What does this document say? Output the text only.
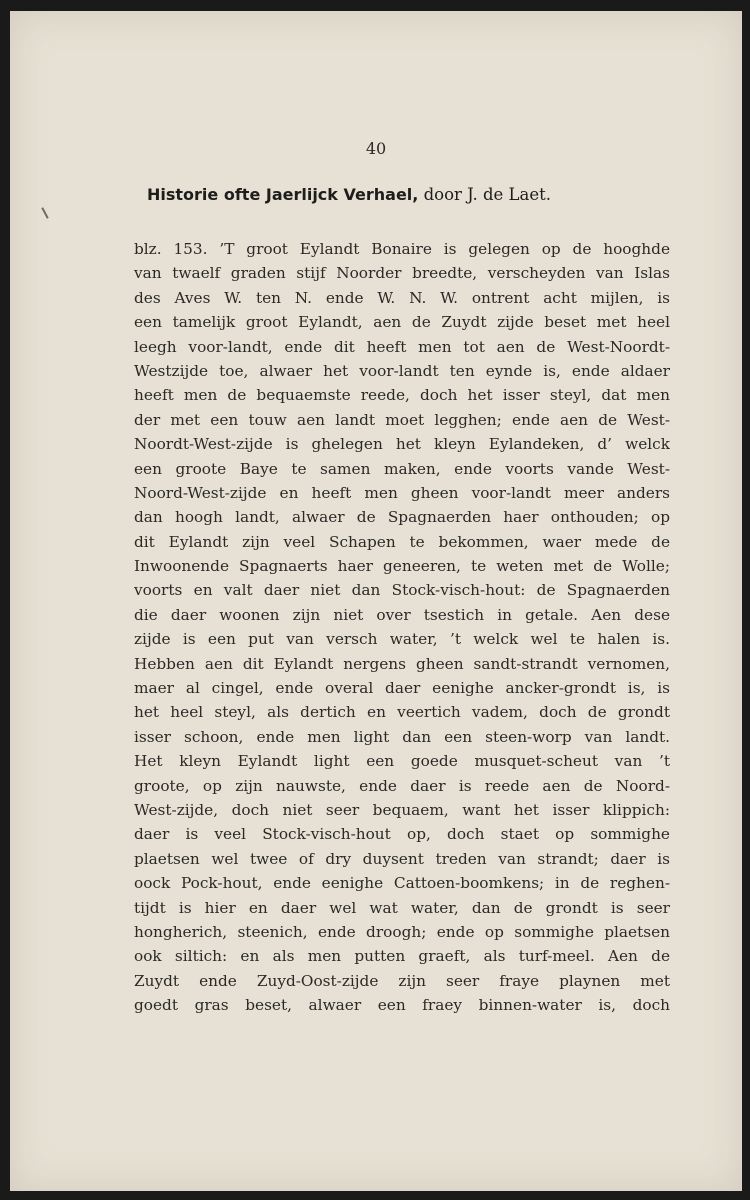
40
Historie ofte Jaerlijck Verhael, door J. de Laet.
blz. 153. ’T groot Eylandt Bonaire is gelegen op de hooghde
van twaelf graden stijf Noorder breedte, verscheyden van Islas
des Aves W. ten N. ende W. N. W. ontrent acht mijlen, is
een tamelijk groot Eylandt, aen de Zuydt zijde beset met heel
leegh voor-landt, ende dit heeft men tot aen de West-Noordt-
Westzijde toe, alwaer het voor-landt ten eynde is, ende aldaer
heeft men de bequaemste reede, doch het isser steyl, dat men
der met een touw aen landt moet legghen; ende aen de West-
Noordt-West-zijde is ghelegen het kleyn Eylandeken, d’ welck
een groote Baye te samen maken, ende voorts vande West-
Noord-West-zijde en heeft men gheen voor-landt meer anders
dan hoogh landt, alwaer de Spagnaerden haer onthouden; op
dit Eylandt zijn veel Schapen te bekommen, waer mede de
Inwoonende Spagnaerts haer geneeren, te weten met de Wolle;
voorts en valt daer niet dan Stock-visch-hout: de Spagnaerden
die daer woonen zijn niet over tsestich in getale. Aen dese
zijde is een put van versch water, ’t welck wel te halen is.
Hebben aen dit Eylandt nergens gheen sandt-strandt vernomen,
maer al cingel, ende overal daer eenighe ancker-grondt is, is
het heel steyl, als dertich en veertich vadem, doch de grondt
isser schoon, ende men light dan een steen-worp van landt.
Het kleyn Eylandt light een goede musquet-scheut van ’t
groote, op zijn nauwste, ende daer is reede aen de Noord-
West-zijde, doch niet seer bequaem, want het isser klippich:
daer is veel Stock-visch-hout op, doch staet op sommighe
plaetsen wel twee of dry duysent treden van strandt; daer is
oock Pock-hout, ende eenighe Cattoen-boomkens; in de reghen-
tijdt is hier en daer wel wat water, dan de grondt is seer
hongherich, steenich, ende droogh; ende op sommighe plaetsen
ook siltich: en als men putten graeft, als turf-meel. Aen de
Zuydt ende Zuyd-Oost-zijde zijn seer fraye playnen met
goedt gras beset, alwaer een fraey binnen-water is, doch
